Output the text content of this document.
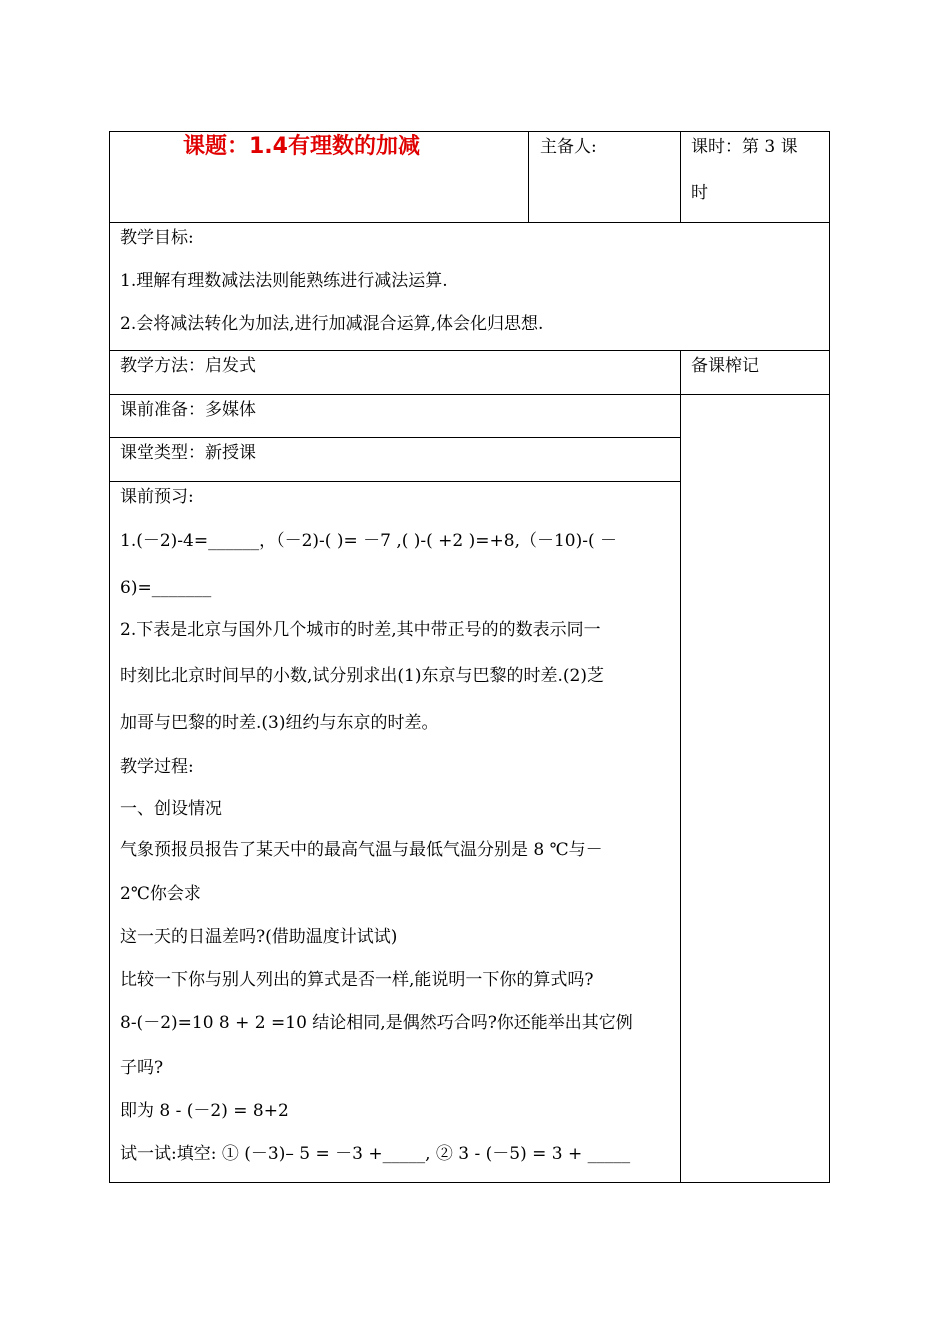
课题：1.4有理数的加减	主备人:	课时：第 3 课
时
教学目标:
1.理解有理数减法法则能熟练进行减法运算.
2.会将减法转化为加法,进行加减混合运算,体会化归思想.
教学方法：启发式	备课榨记
课前准备：多媒体
课堂类型：新授课
课前预习:
1.(－2)-4=______，（－2)-( )= －7 ,( )-( +2 )=+8,（－10)-( －
6)=_______
2.下表是北京与国外几个城市的时差,其中带正号的的数表示同一
时刻比北京时间早的小数,试分别求出(1)东京与巴黎的时差.(2)芝
加哥与巴黎的时差.(3)纽约与东京的时差。
教学过程:
一、创设情况
气象预报员报告了某天中的最高气温与最低气温分别是 8 ℃与－
2℃你会求
这一天的日温差吗?(借助温度计试试)
比较一下你与别人列出的算式是否一样,能说明一下你的算式吗?
8-(－2)=10 8 + 2 =10 结论相同,是偶然巧合吗?你还能举出其它例
子吗?
即为 8 - (－2) = 8+2
试一试:填空: ① (－3)– 5 = －3 +_____, ② 3 - (－5) = 3 + _____
